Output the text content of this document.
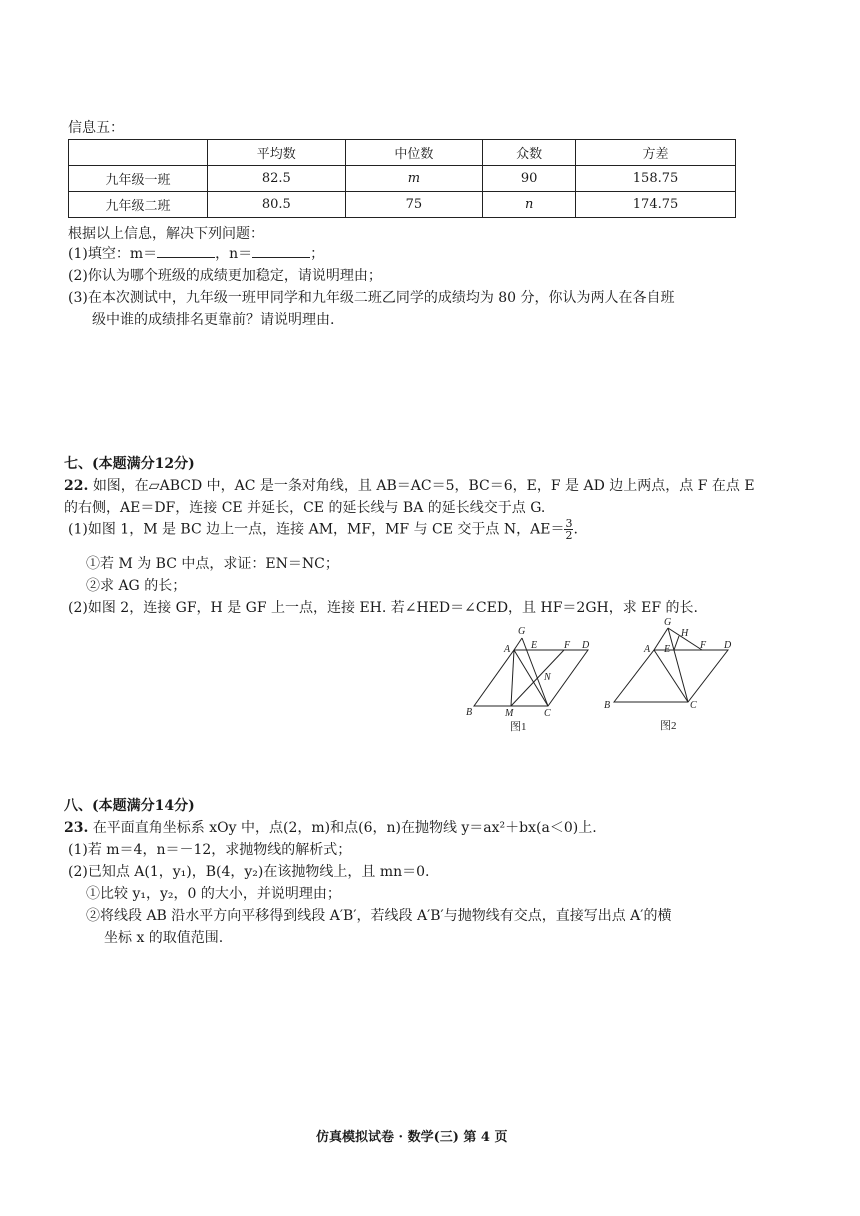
信息五：
	平均数	中位数	众数	方差
九年级一班	82.5	m	90	158.75
九年级二班	80.5	75	n	174.75
根据以上信息，解决下列问题：
(1)填空：m＝	，n＝	；
(2)你认为哪个班级的成绩更加稳定，请说明理由；
(3)在本次测试中，九年级一班甲同学和九年级二班乙同学的成绩均为 80 分，你认为两人在各自班
级中谁的成绩排名更靠前？请说明理由.
七、(本题满分12分)
22. 如图，在▱ABCD 中，AC 是一条对角线，且 AB＝AC＝5，BC＝6，E，F 是 AD 边上两点，点 F 在点 E
的右侧，AE＝DF，连接 CE 并延长，CE 的延长线与 BA 的延长线交于点 G.
(1)如图 1，M 是 BC 边上一点，连接 AM，MF，MF 与 CE 交于点 N，$AE= \frac{3}{2}$ .
①若 M 为 BC 中点，求证：EN＝NC；
②求 AG 的长；
(2)如图 2，连接 GF，H 是 GF 上一点，连接 EH. 若∠HED＝∠CED，且 HF＝2GH，求 EF 的长.
G
A E	F D
N
B	M	C
图1
G
H
A E	F D
B	C
图2
八、(本题满分14分)
23. 在平面直角坐标系 xOy 中，点(2，m)和点(6，n)在抛物线 y＝ax²＋bx(a＜0)上.
(1)若 m＝4，n＝－12，求抛物线的解析式；
(2)已知点 A(1，y₁)，B(4，y₂)在该抛物线上，且 mn＝0.
①比较 y₁，y₂，0 的大小，并说明理由；
②将线段 AB 沿水平方向平移得到线段 A′B′，若线段 A′B′与抛物线有交点，直接写出点 A′的横
坐标 x 的取值范围.
仿真模拟试卷 · 数学(三) 第 4 页
